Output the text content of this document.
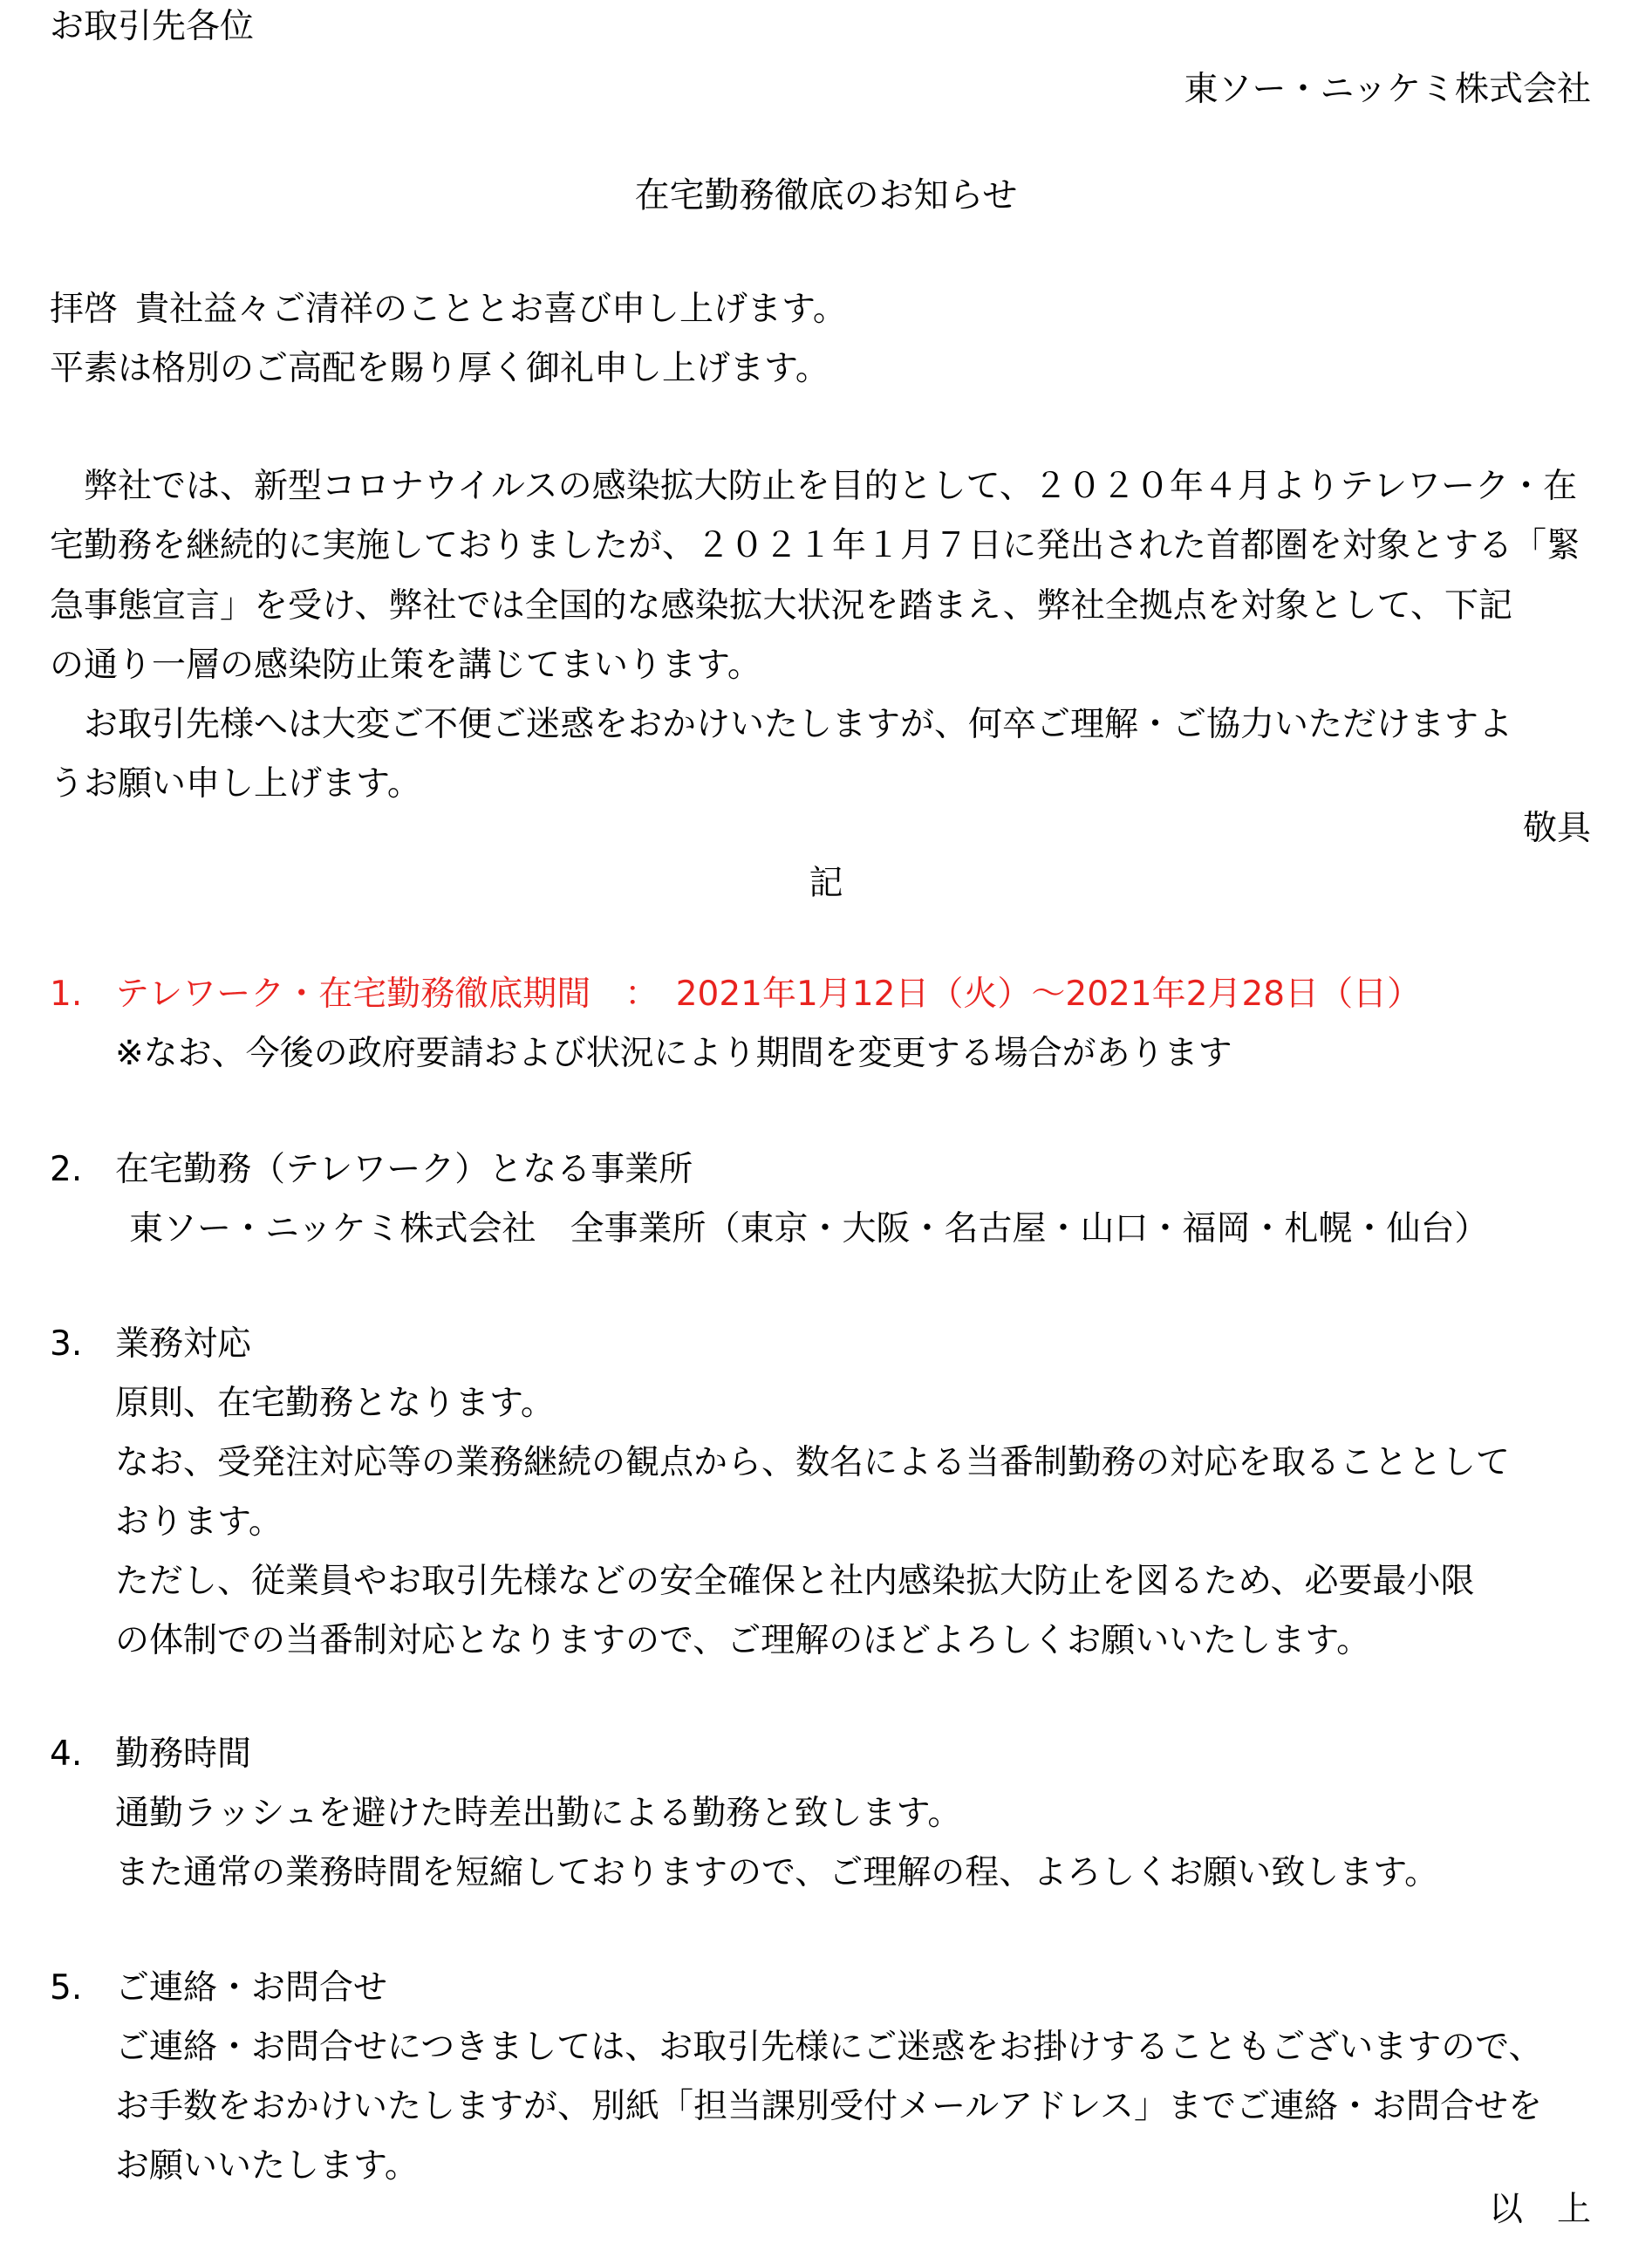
お取引先各位

東ソー・ニッケミ株式会社

在宅勤務徹底のお知らせ

拝啓 貴社益々ご清祥のこととお喜び申し上げます。

平素は格別のご高配を賜り厚く御礼申し上げます。

　弊社では、新型コロナウイルスの感染拡大防止を目的として、２０２０年４月よりテレワーク・在

宅勤務を継続的に実施しておりましたが、２０２１年１月７日に発出された首都圏を対象とする「緊

急事態宣言」を受け、弊社では全国的な感染拡大状況を踏まえ、弊社全拠点を対象として、下記

の通り一層の感染防止策を講じてまいります。

　お取引先様へは大変ご不便ご迷惑をおかけいたしますが、何卒ご理解・ご協力いただけますよ

うお願い申し上げます。

敬具

記

1. テレワーク・在宅勤務徹底期間　：　2021年1月12日（火）～2021年2月28日（日）

※なお、今後の政府要請および状況により期間を変更する場合があります

2. 在宅勤務（テレワーク）となる事業所

東ソー・ニッケミ株式会社　全事業所（東京・大阪・名古屋・山口・福岡・札幌・仙台）

3. 業務対応

原則、在宅勤務となります。

なお、受発注対応等の業務継続の観点から、数名による当番制勤務の対応を取ることとして

おります。

ただし、従業員やお取引先様などの安全確保と社内感染拡大防止を図るため、必要最小限

の体制での当番制対応となりますので、ご理解のほどよろしくお願いいたします。

4. 勤務時間

通勤ラッシュを避けた時差出勤による勤務と致します。

また通常の業務時間を短縮しておりますので、ご理解の程、よろしくお願い致します。

5. ご連絡・お問合せ

ご連絡・お問合せにつきましては、お取引先様にご迷惑をお掛けすることもございますので、

お手数をおかけいたしますが、別紙「担当課別受付メールアドレス」までご連絡・お問合せを

お願いいたします。

以　上
